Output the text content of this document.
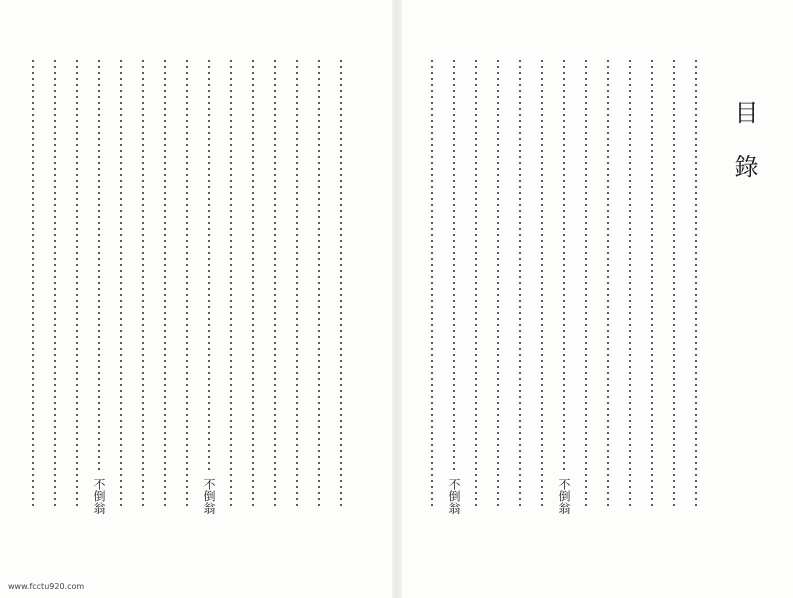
不倒翁
不倒翁
目錄
不倒翁
不倒翁
www.fcctu920.com
